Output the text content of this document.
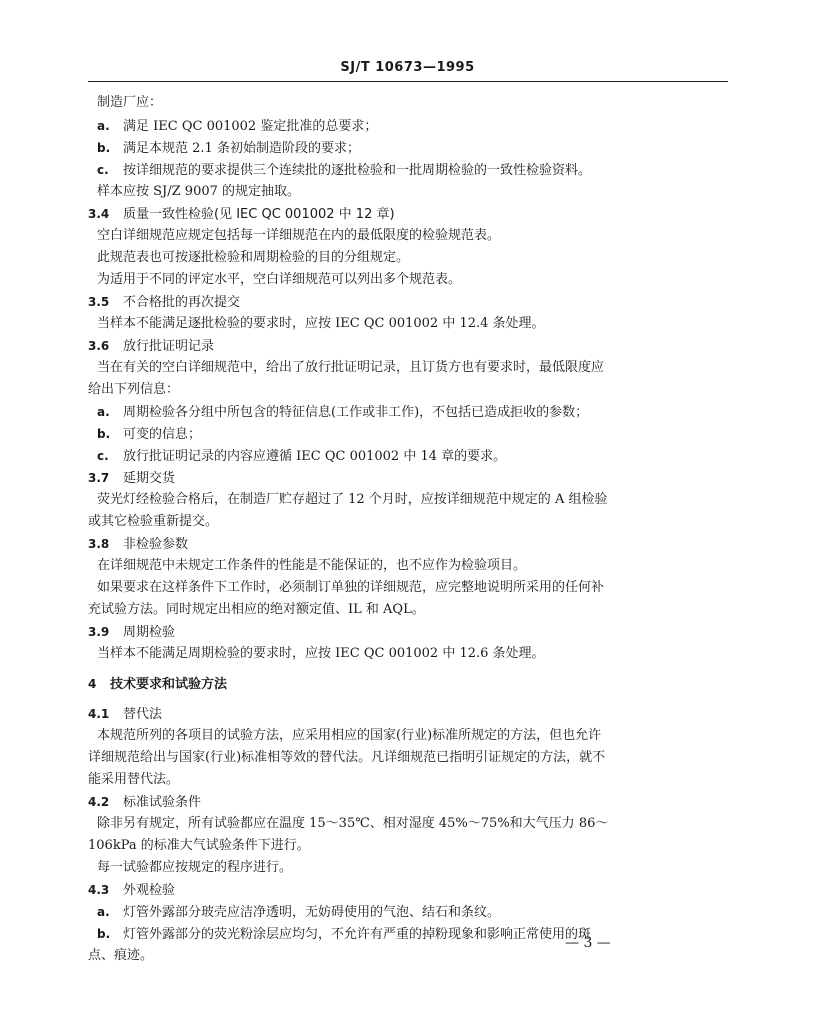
SJ/T 10673—1995
制造厂应：
a. 满足 IEC QC 001002 鉴定批准的总要求；
b. 满足本规范 2.1 条初始制造阶段的要求；
c. 按详细规范的要求提供三个连续批的逐批检验和一批周期检验的一致性检验资料。
样本应按 SJ/Z 9007 的规定抽取。
3.4 质量一致性检验(见 IEC QC 001002 中 12 章)
空白详细规范应规定包括每一详细规范在内的最低限度的检验规范表。
此规范表也可按逐批检验和周期检验的目的分组规定。
为适用于不同的评定水平，空白详细规范可以列出多个规范表。
3.5 不合格批的再次提交
当样本不能满足逐批检验的要求时，应按 IEC QC 001002 中 12.4 条处理。
3.6 放行批证明记录
当在有关的空白详细规范中，给出了放行批证明记录，且订货方也有要求时，最低限度应
给出下列信息：
a. 周期检验各分组中所包含的特征信息(工作或非工作)，不包括已造成拒收的参数；
b. 可变的信息；
c. 放行批证明记录的内容应遵循 IEC QC 001002 中 14 章的要求。
3.7 延期交货
荧光灯经检验合格后，在制造厂贮存超过了 12 个月时，应按详细规范中规定的 A 组检验
或其它检验重新提交。
3.8 非检验参数
在详细规范中未规定工作条件的性能是不能保证的，也不应作为检验项目。
如果要求在这样条件下工作时，必须制订单独的详细规范，应完整地说明所采用的任何补
充试验方法。同时规定出相应的绝对额定值、IL 和 AQL。
3.9 周期检验
当样本不能满足周期检验的要求时，应按 IEC QC 001002 中 12.6 条处理。
4 技术要求和试验方法
4.1 替代法
本规范所列的各项目的试验方法，应采用相应的国家(行业)标准所规定的方法，但也允许
详细规范给出与国家(行业)标准相等效的替代法。凡详细规范已指明引证规定的方法，就不
能采用替代法。
4.2 标准试验条件
除非另有规定，所有试验都应在温度 15～35℃、相对湿度 45%～75%和大气压力 86～
106kPa 的标准大气试验条件下进行。
每一试验都应按规定的程序进行。
4.3 外观检验
a. 灯管外露部分玻壳应洁净透明，无妨碍使用的气泡、结石和条纹。
b. 灯管外露部分的荧光粉涂层应均匀，不允许有严重的掉粉现象和影响正常使用的斑
点、痕迹。
— 3 —
